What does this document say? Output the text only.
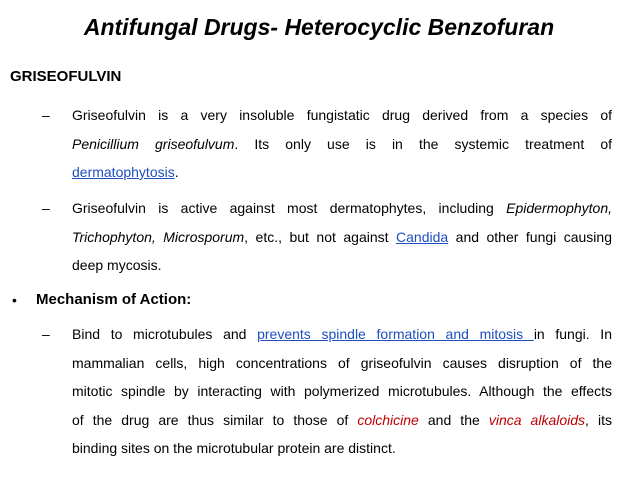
Antifungal Drugs- Heterocyclic Benzofuran
GRISEOFULVIN
– Griseofulvin is a very insoluble fungistatic drug derived from a species of
Penicillium griseofulvum. Its only use is in the systemic treatment of
dermatophytosis.
– Griseofulvin is active against most dermatophytes, including Epidermophyton,
Trichophyton, Microsporum, etc., but not against Candida and other fungi causing
deep mycosis.
• Mechanism of Action:
– Bind to microtubules and prevents spindle formation and mitosis in fungi. In
mammalian cells, high concentrations of griseofulvin causes disruption of the
mitotic spindle by interacting with polymerized microtubules. Although the effects
of the drug are thus similar to those of colchicine and the vinca alkaloids, its
binding sites on the microtubular protein are distinct.
